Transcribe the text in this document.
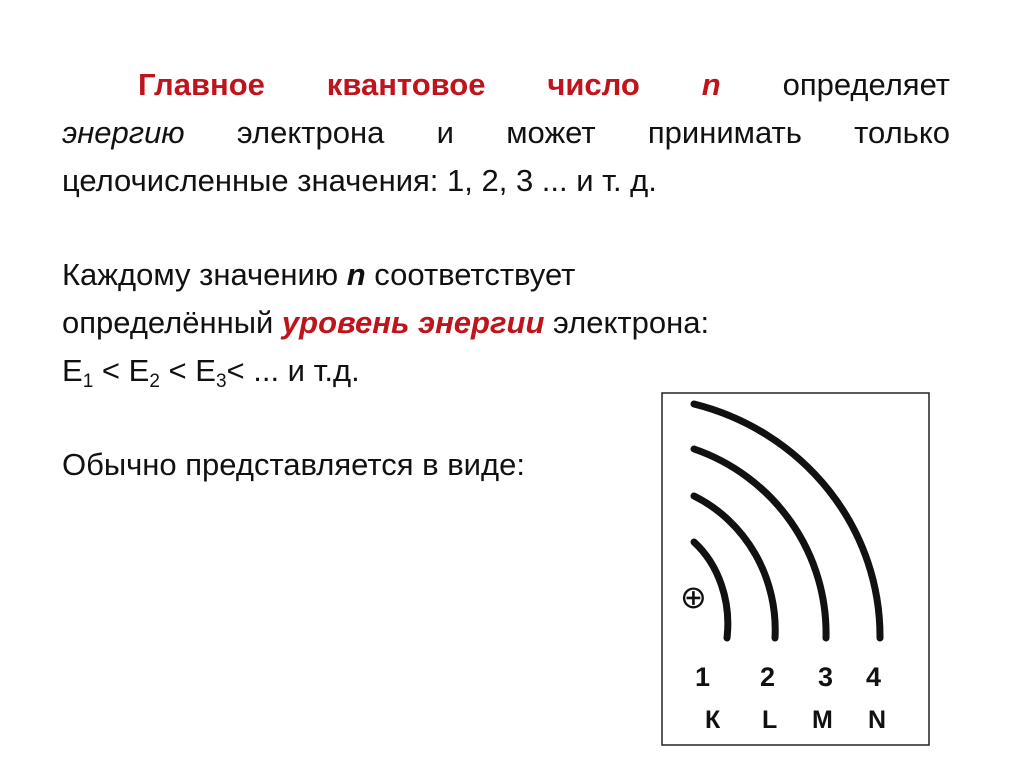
Главное квантовое число n определяет
энергию электрона и может принимать только
целочисленные значения: 1, 2, 3 ... и т. д.
Каждому значению n соответствует
определённый уровень энергии электрона:
$E_1 < E_2 < E_3<$ ... и т.д.
Обычно представляется в виде:
⊕
1 2 3 4
К L M N
